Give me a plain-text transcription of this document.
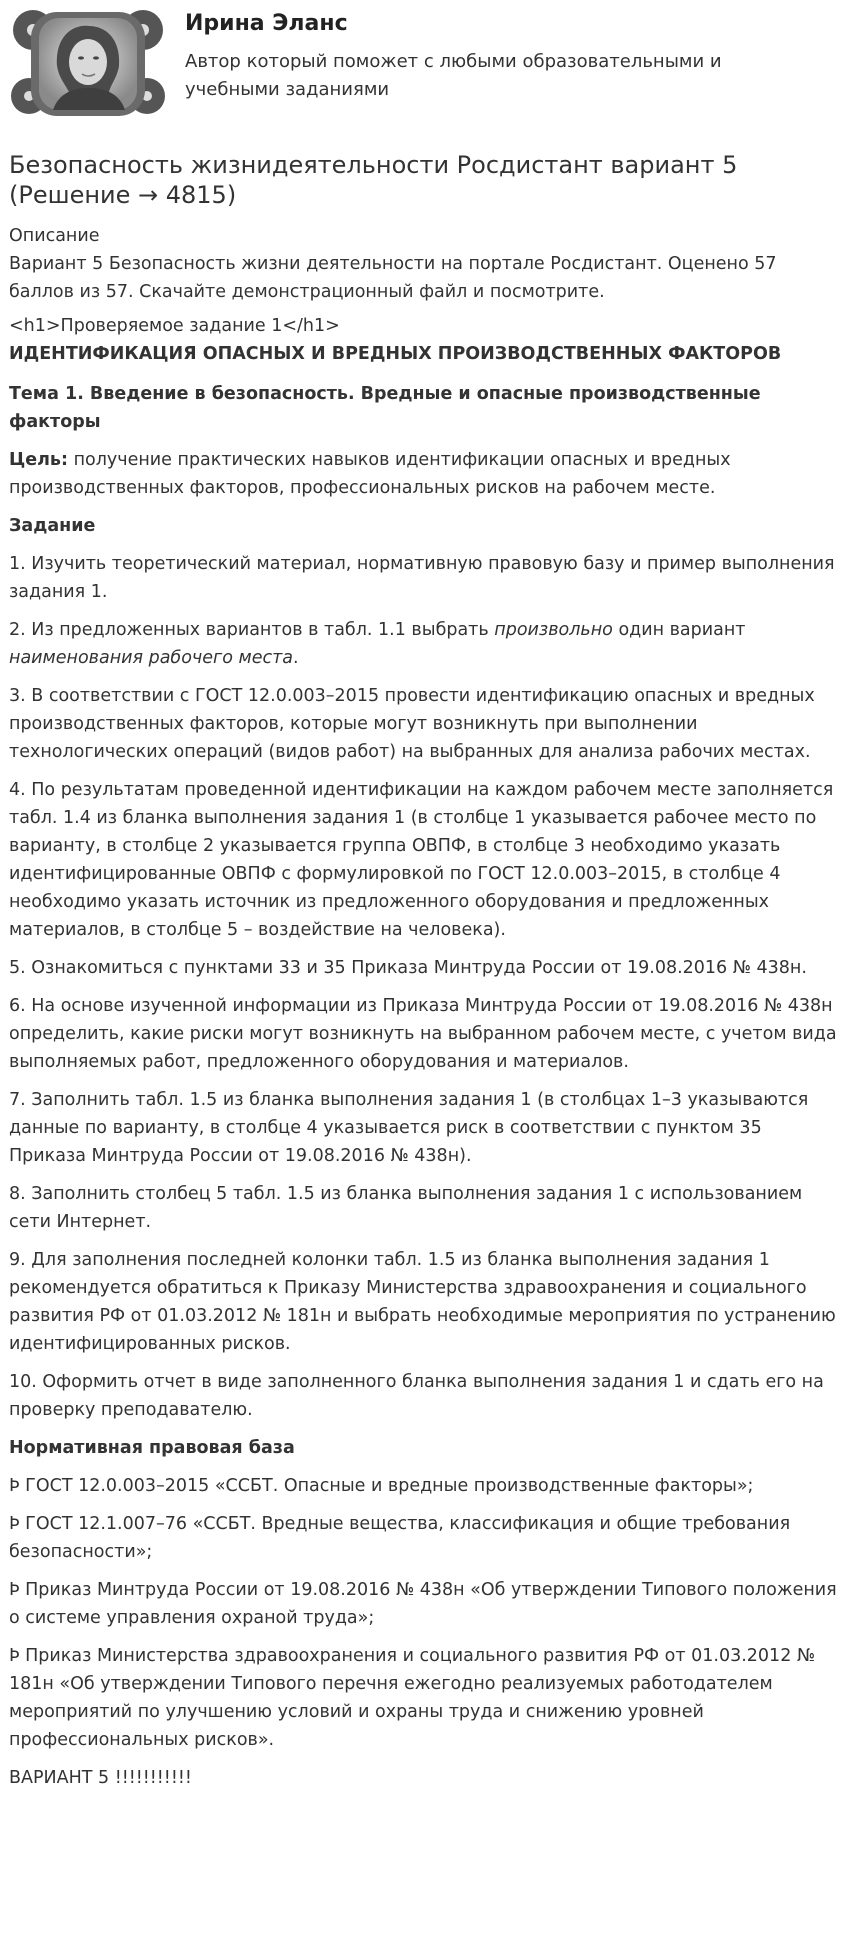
Ирина Эланс
Автор который поможет с любыми образовательными и учебными заданиями
Безопасность жизнидеятельности Росдистант вариант 5 (Решение → 4815)
Описание
Вариант 5 Безопасность жизни деятельности на портале Росдистант. Оценено 57 баллов из 57. Скачайте демонстрационный файл и посмотрите.
<h1>Проверяемое задание 1</h1>
ИДЕНТИФИКАЦИЯ ОПАСНЫХ И ВРЕДНЫХ ПРОИЗВОДСТВЕННЫХ ФАКТОРОВ
Тема 1. Введение в безопасность. Вредные и опасные производственные факторы

Цель: получение практических навыков идентификации опасных и вредных производственных факторов, профессиональных рисков на рабочем месте.

Задание

1. Изучить теоретический материал, нормативную правовую базу и пример выполнения задания 1.

2. Из предложенных вариантов в табл. 1.1 выбрать произвольно один вариант наименования рабочего места.

3. В соответствии с ГОСТ 12.0.003–2015 провести идентификацию опасных и вредных производственных факторов, которые могут возникнуть при выполнении технологических операций (видов работ) на выбранных для анализа рабочих местах.

4. По результатам проведенной идентификации на каждом рабочем месте заполняется табл. 1.4 из бланка выполнения задания 1 (в столбце 1 указывается рабочее место по варианту, в столбце 2 указывается группа ОВПФ, в столбце 3 необходимо указать идентифицированные ОВПФ с формулировкой по ГОСТ 12.0.003–2015, в столбце 4 необходимо указать источник из предложенного оборудования и предложенных материалов, в столбце 5 – воздействие на человека).

5. Ознакомиться с пунктами 33 и 35 Приказа Минтруда России от 19.08.2016 № 438н.

6. На основе изученной информации из Приказа Минтруда России от 19.08.2016 № 438н определить, какие риски могут возникнуть на выбранном рабочем месте, с учетом вида выполняемых работ, предложенного оборудования и материалов.

7. Заполнить табл. 1.5 из бланка выполнения задания 1 (в столбцах 1–3 указываются данные по варианту, в столбце 4 указывается риск в соответствии с пунктом 35 Приказа Минтруда России от 19.08.2016 № 438н).

8. Заполнить столбец 5 табл. 1.5 из бланка выполнения задания 1 с использованием сети Интернет.

9. Для заполнения последней колонки табл. 1.5 из бланка выполнения задания 1 рекомендуется обратиться к Приказу Министерства здравоохранения и социального развития РФ от 01.03.2012 № 181н и выбрать необходимые мероприятия по устранению идентифицированных рисков.

10. Оформить отчет в виде заполненного бланка выполнения задания 1 и сдать его на проверку преподавателю.

Нормативная правовая база

Þ ГОСТ 12.0.003–2015 «ССБТ. Опасные и вредные производственные факторы»;

Þ ГОСТ 12.1.007–76 «ССБТ. Вредные вещества, классификация и общие требования безопасности»;

Þ Приказ Минтруда России от 19.08.2016 № 438н «Об утверждении Типового положения о системе управления охраной труда»;

Þ Приказ Министерства здравоохранения и социального развития РФ от 01.03.2012 № 181н «Об утверждении Типового перечня ежегодно реализуемых работодателем мероприятий по улучшению условий и охраны труда и снижению уровней профессиональных рисков».

ВАРИАНТ 5 !!!!!!!!!!!
